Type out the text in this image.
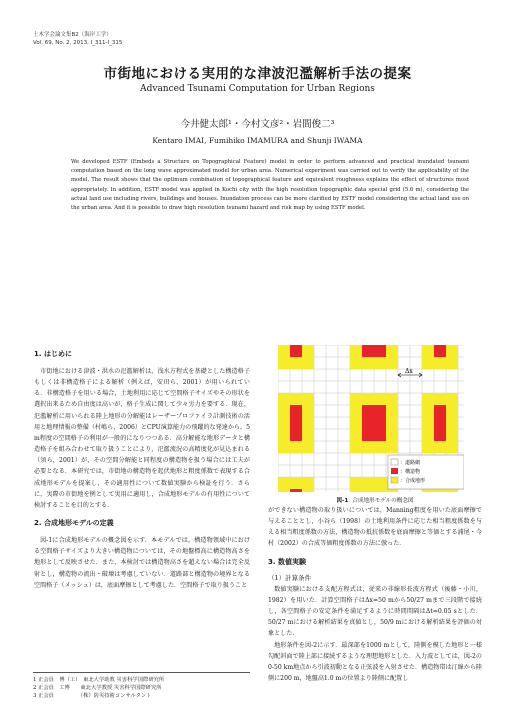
土木学会論文集B2（海岸工学）
Vol. 69, No. 2, 2013, I_311-I_315
市街地における実用的な津波氾濫解析手法の提案
Advanced Tsunami Computation for Urban Regions
今井健太郎¹・今村文彦²・岩間俊二³
Kentaro IMAI, Fumihiko IMAMURA and Shunji IWAMA
We developed ESTF (Embeds a Structure on Topographical Feature) model in order to perform advanced and practical inundated tsunami computation based on the long wave approximated model for urban area. Numerical experiment was carried out to verify the applicability of the model. The result shows that the optimum combination of topographical feature and equivalent roughness explains the effect of structures most appropriately. In addition, ESTF model was applied in Kochi city with the high resolution topographic data special grid (5.6 m), considering the actual land use including rivers, buildings and houses. Inundation process can be more clarified by ESTF model considering the actual land use on the urban area. And it is possible to draw high resolution tsunami hazard and risk map by using ESTF model.
1. はじめに

市街地における津波・洪水の氾濫解析は，浅水方程式を基礎とした構造格子もしくは非構造格子による解析（例えば，安田ら，2001）が用いられている．非構造格子を用いる場合，土地利用に応じて空間格子サイズやその形状を選択出来るため自由度は高いが，格子生成に関して少々労力を要する．現在，氾濫解析に用いられる陸上地形の分解能はレーザープロファイラ計測技術の活用と地理情報の整備（村嶋ら，2006）とCPU演算能力の飛躍的な発達から，5 m程度の空間格子の利用が一般的になりつつある．高分解能な地形データと構造格子を組み合わせて取り扱うことにより，氾濫流況の高精度化が見込まれる（須ら，2001）が，その空間分解能と同程度の構造物を扱う場合には工夫が必要となる．本研究では，市街地の構造物を起伏地形と粗度係数で表現する合成地形モデルを提案し，その適用性について数値実験から検証を行う．さらに，実際の市街地を例として実用に適用し，合成地形モデルの有用性について検討することを目的とする．

2. 合成地形モデルの定義

図-1に合成地形モデルの概念図を示す．本モデルでは，構造物領域中における空間格子サイズより大きい構造物については，その地盤標高に構造物高さを地形として反映させた．また，本検討では構造物高さを超えない場合は完全反射とし，構造物の流出・破壊は考慮していない．道路部と構造物の境界となる空間格子（メッシュ）は，底面摩擦として考慮した．空間格子で取り扱うこと

1 正会員　博（工）　東北大学助教 災害科学国際研究所
2 正会員　工博　　東北大学教授 災害科学国際研究所
3 正会員　　　　　（株）防災技術コンサルタント
Δx
：道路網
：構造物
：合成地形
図-1 合成地形モデルの概念図

ができない構造物の取り扱いについては，Manning粗度を用いた底面摩擦で与えることとし，小谷ら（1998）の土地利用条件に応じた相当粗度係数を与える相当粗度係数の方法，構造物の抵抗係数を底面摩擦と等価とする浦尾・今村（2002）の合成等価粗度係数の方法に倣った．

3. 数値実験

（1）計算条件

数値実験における支配方程式は，従来の非線形長波方程式（後藤・小川，1982）を用いた．計算空間格子はΔx=50 mから50/27 mまで三段階で接続し，各空間格子の安定条件を満足するように時間間隔はΔt=0.05 sとした．50/27 mにおける解析結果を真値とし，50/9 mにおける解析結果を評価の対象とした．

地形条件を図-2に示す．最深部を1000 mとして，陸側を模した地形と一様勾配斜面で陸上部に接続するような理想地形とした．入力波としては，図-2の0-50 km地点から引波初動となる正弦波を入射させた．構造物帯は汀線から陸側に200 m，地盤高1.0 mの位置より陸側に配置し
